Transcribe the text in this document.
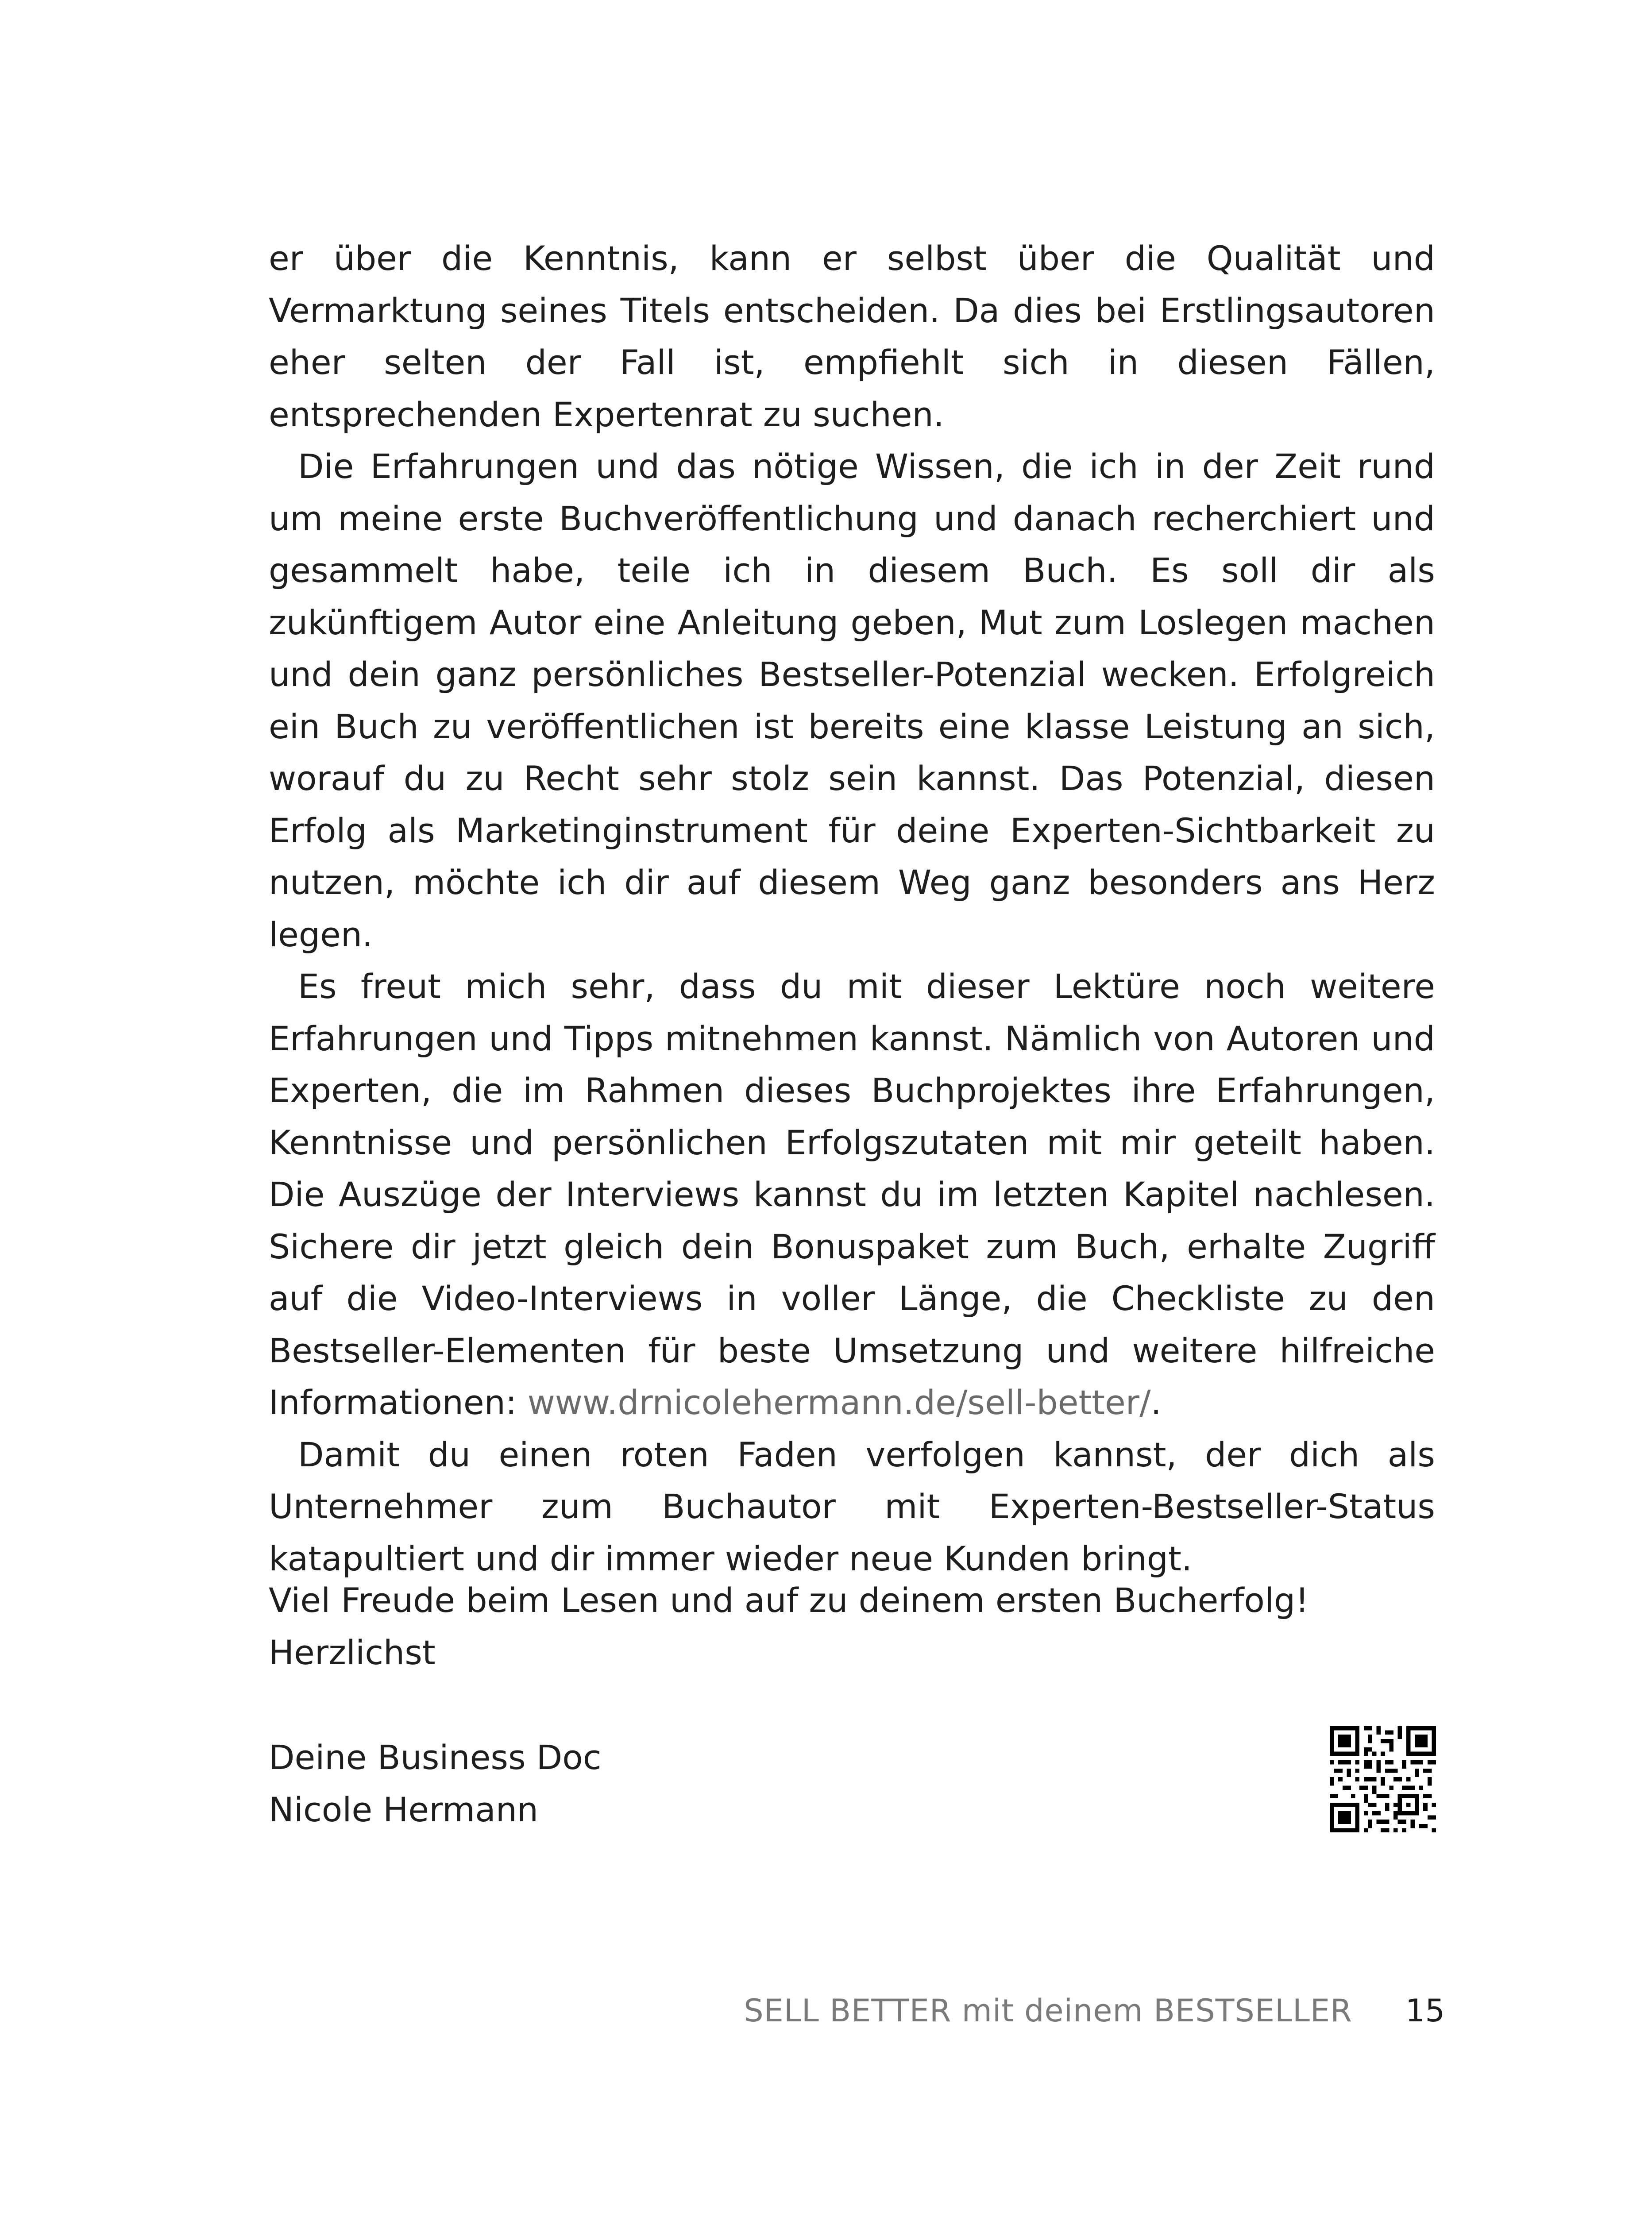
er über die Kenntnis, kann er selbst über die Qualität und Vermarktung seines Titels entscheiden. Da dies bei Erstlingsautoren eher selten der Fall ist, empfiehlt sich in diesen Fällen, entsprechenden Expertenrat zu suchen.

Die Erfahrungen und das nötige Wissen, die ich in der Zeit rund um meine erste Buchveröffentlichung und danach recherchiert und gesammelt habe, teile ich in diesem Buch. Es soll dir als zukünftigem Autor eine Anleitung geben, Mut zum Loslegen machen und dein ganz persönliches Bestseller-Potenzial wecken. Erfolgreich ein Buch zu veröffentlichen ist bereits eine klasse Leistung an sich, worauf du zu Recht sehr stolz sein kannst. Das Potenzial, diesen Erfolg als Marketinginstrument für deine Experten-Sichtbarkeit zu nutzen, möchte ich dir auf diesem Weg ganz besonders ans Herz legen.

Es freut mich sehr, dass du mit dieser Lektüre noch weitere Erfahrungen und Tipps mitnehmen kannst. Nämlich von Autoren und Experten, die im Rahmen dieses Buchprojektes ihre Erfahrungen, Kenntnisse und persönlichen Erfolgszutaten mit mir geteilt haben. Die Auszüge der Interviews kannst du im letzten Kapitel nachlesen. Sichere dir jetzt gleich dein Bonuspaket zum Buch, erhalte Zugriff auf die Video-Interviews in voller Länge, die Checkliste zu den Bestseller-Elementen für beste Umsetzung und weitere hilfreiche Informationen: www.drnicolehermann.de/sell-better/.

Damit du einen roten Faden verfolgen kannst, der dich als Unternehmer zum Buchautor mit Experten-Bestseller-Status katapultiert und dir immer wieder neue Kunden bringt.

Viel Freude beim Lesen und auf zu deinem ersten Bucherfolg!

Herzlichst

Deine Business Doc

Nicole Hermann

SELL BETTER mit deinem BESTSELLER 15
